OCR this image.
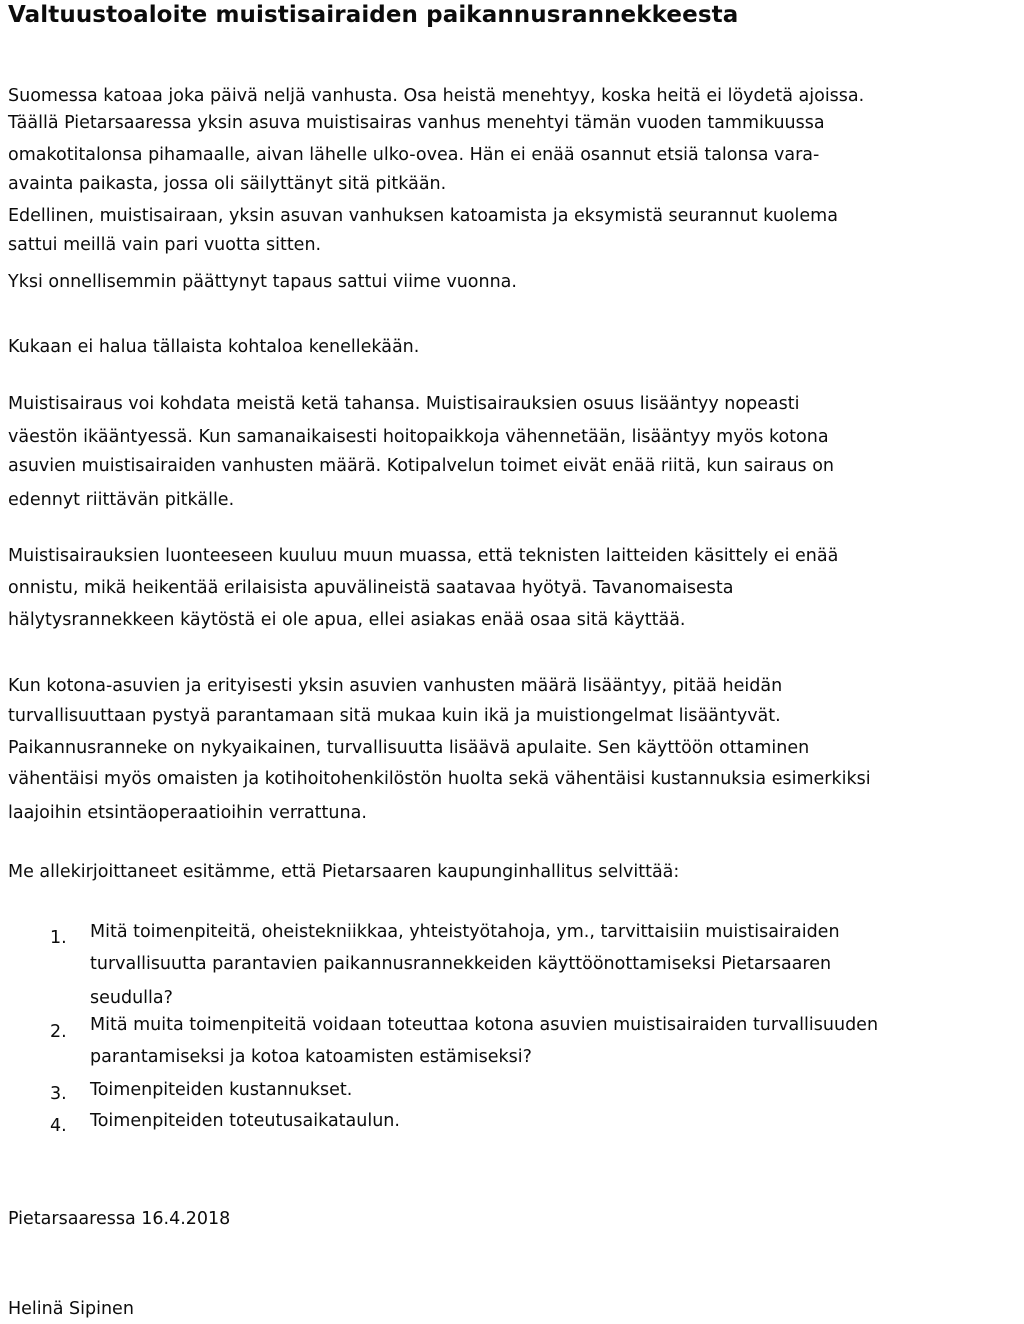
Valtuustoaloite muistisairaiden paikannusrannekkeesta
Suomessa katoaa joka päivä neljä vanhusta. Osa heistä menehtyy, koska heitä ei löydetä ajoissa.
Täällä Pietarsaaressa yksin asuva muistisairas vanhus menehtyi tämän vuoden tammikuussa
omakotitalonsa pihamaalle, aivan lähelle ulko-ovea. Hän ei enää osannut etsiä talonsa vara-
avainta paikasta, jossa oli säilyttänyt sitä pitkään.
Edellinen, muistisairaan, yksin asuvan vanhuksen katoamista ja eksymistä seurannut kuolema
sattui meillä vain pari vuotta sitten.
Yksi onnellisemmin päättynyt tapaus sattui viime vuonna.
Kukaan ei halua tällaista kohtaloa kenellekään.
Muistisairaus voi kohdata meistä ketä tahansa. Muistisairauksien osuus lisääntyy nopeasti
väestön ikääntyessä. Kun samanaikaisesti hoitopaikkoja vähennetään, lisääntyy myös kotona
asuvien muistisairaiden vanhusten määrä. Kotipalvelun toimet eivät enää riitä, kun sairaus on
edennyt riittävän pitkälle.
Muistisairauksien luonteeseen kuuluu muun muassa, että teknisten laitteiden käsittely ei enää
onnistu, mikä heikentää erilaisista apuvälineistä saatavaa hyötyä. Tavanomaisesta
hälytysrannekkeen käytöstä ei ole apua, ellei asiakas enää osaa sitä käyttää.
Kun kotona-asuvien ja erityisesti yksin asuvien vanhusten määrä lisääntyy, pitää heidän
turvallisuuttaan pystyä parantamaan sitä mukaa kuin ikä ja muistiongelmat lisääntyvät.
Paikannusranneke on nykyaikainen, turvallisuutta lisäävä apulaite. Sen käyttöön ottaminen
vähentäisi myös omaisten ja kotihoitohenkilöstön huolta sekä vähentäisi kustannuksia esimerkiksi
laajoihin etsintäoperaatioihin verrattuna.
Me allekirjoittaneet esitämme, että Pietarsaaren kaupunginhallitus selvittää:
1. Mitä toimenpiteitä, oheistekniikkaa, yhteistyötahoja, ym., tarvittaisiin muistisairaiden
turvallisuutta parantavien paikannusrannekkeiden käyttöönottamiseksi Pietarsaaren
seudulla?
2. Mitä muita toimenpiteitä voidaan toteuttaa kotona asuvien muistisairaiden turvallisuuden
parantamiseksi ja kotoa katoamisten estämiseksi?
3. Toimenpiteiden kustannukset.
4. Toimenpiteiden toteutusaikataulun.
Pietarsaaressa 16.4.2018
Helinä Sipinen
